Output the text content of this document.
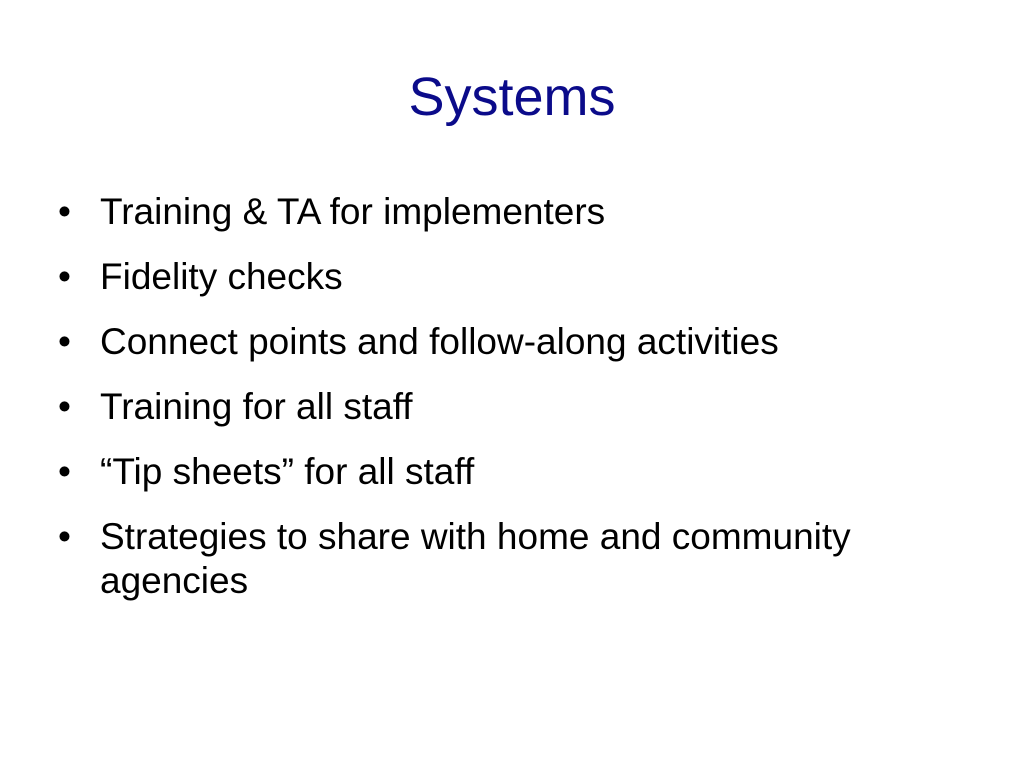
Systems
• Training & TA for implementers
• Fidelity checks
• Connect points and follow-along activities
• Training for all staff
• “Tip sheets” for all staff
• Strategies to share with home and community agencies
